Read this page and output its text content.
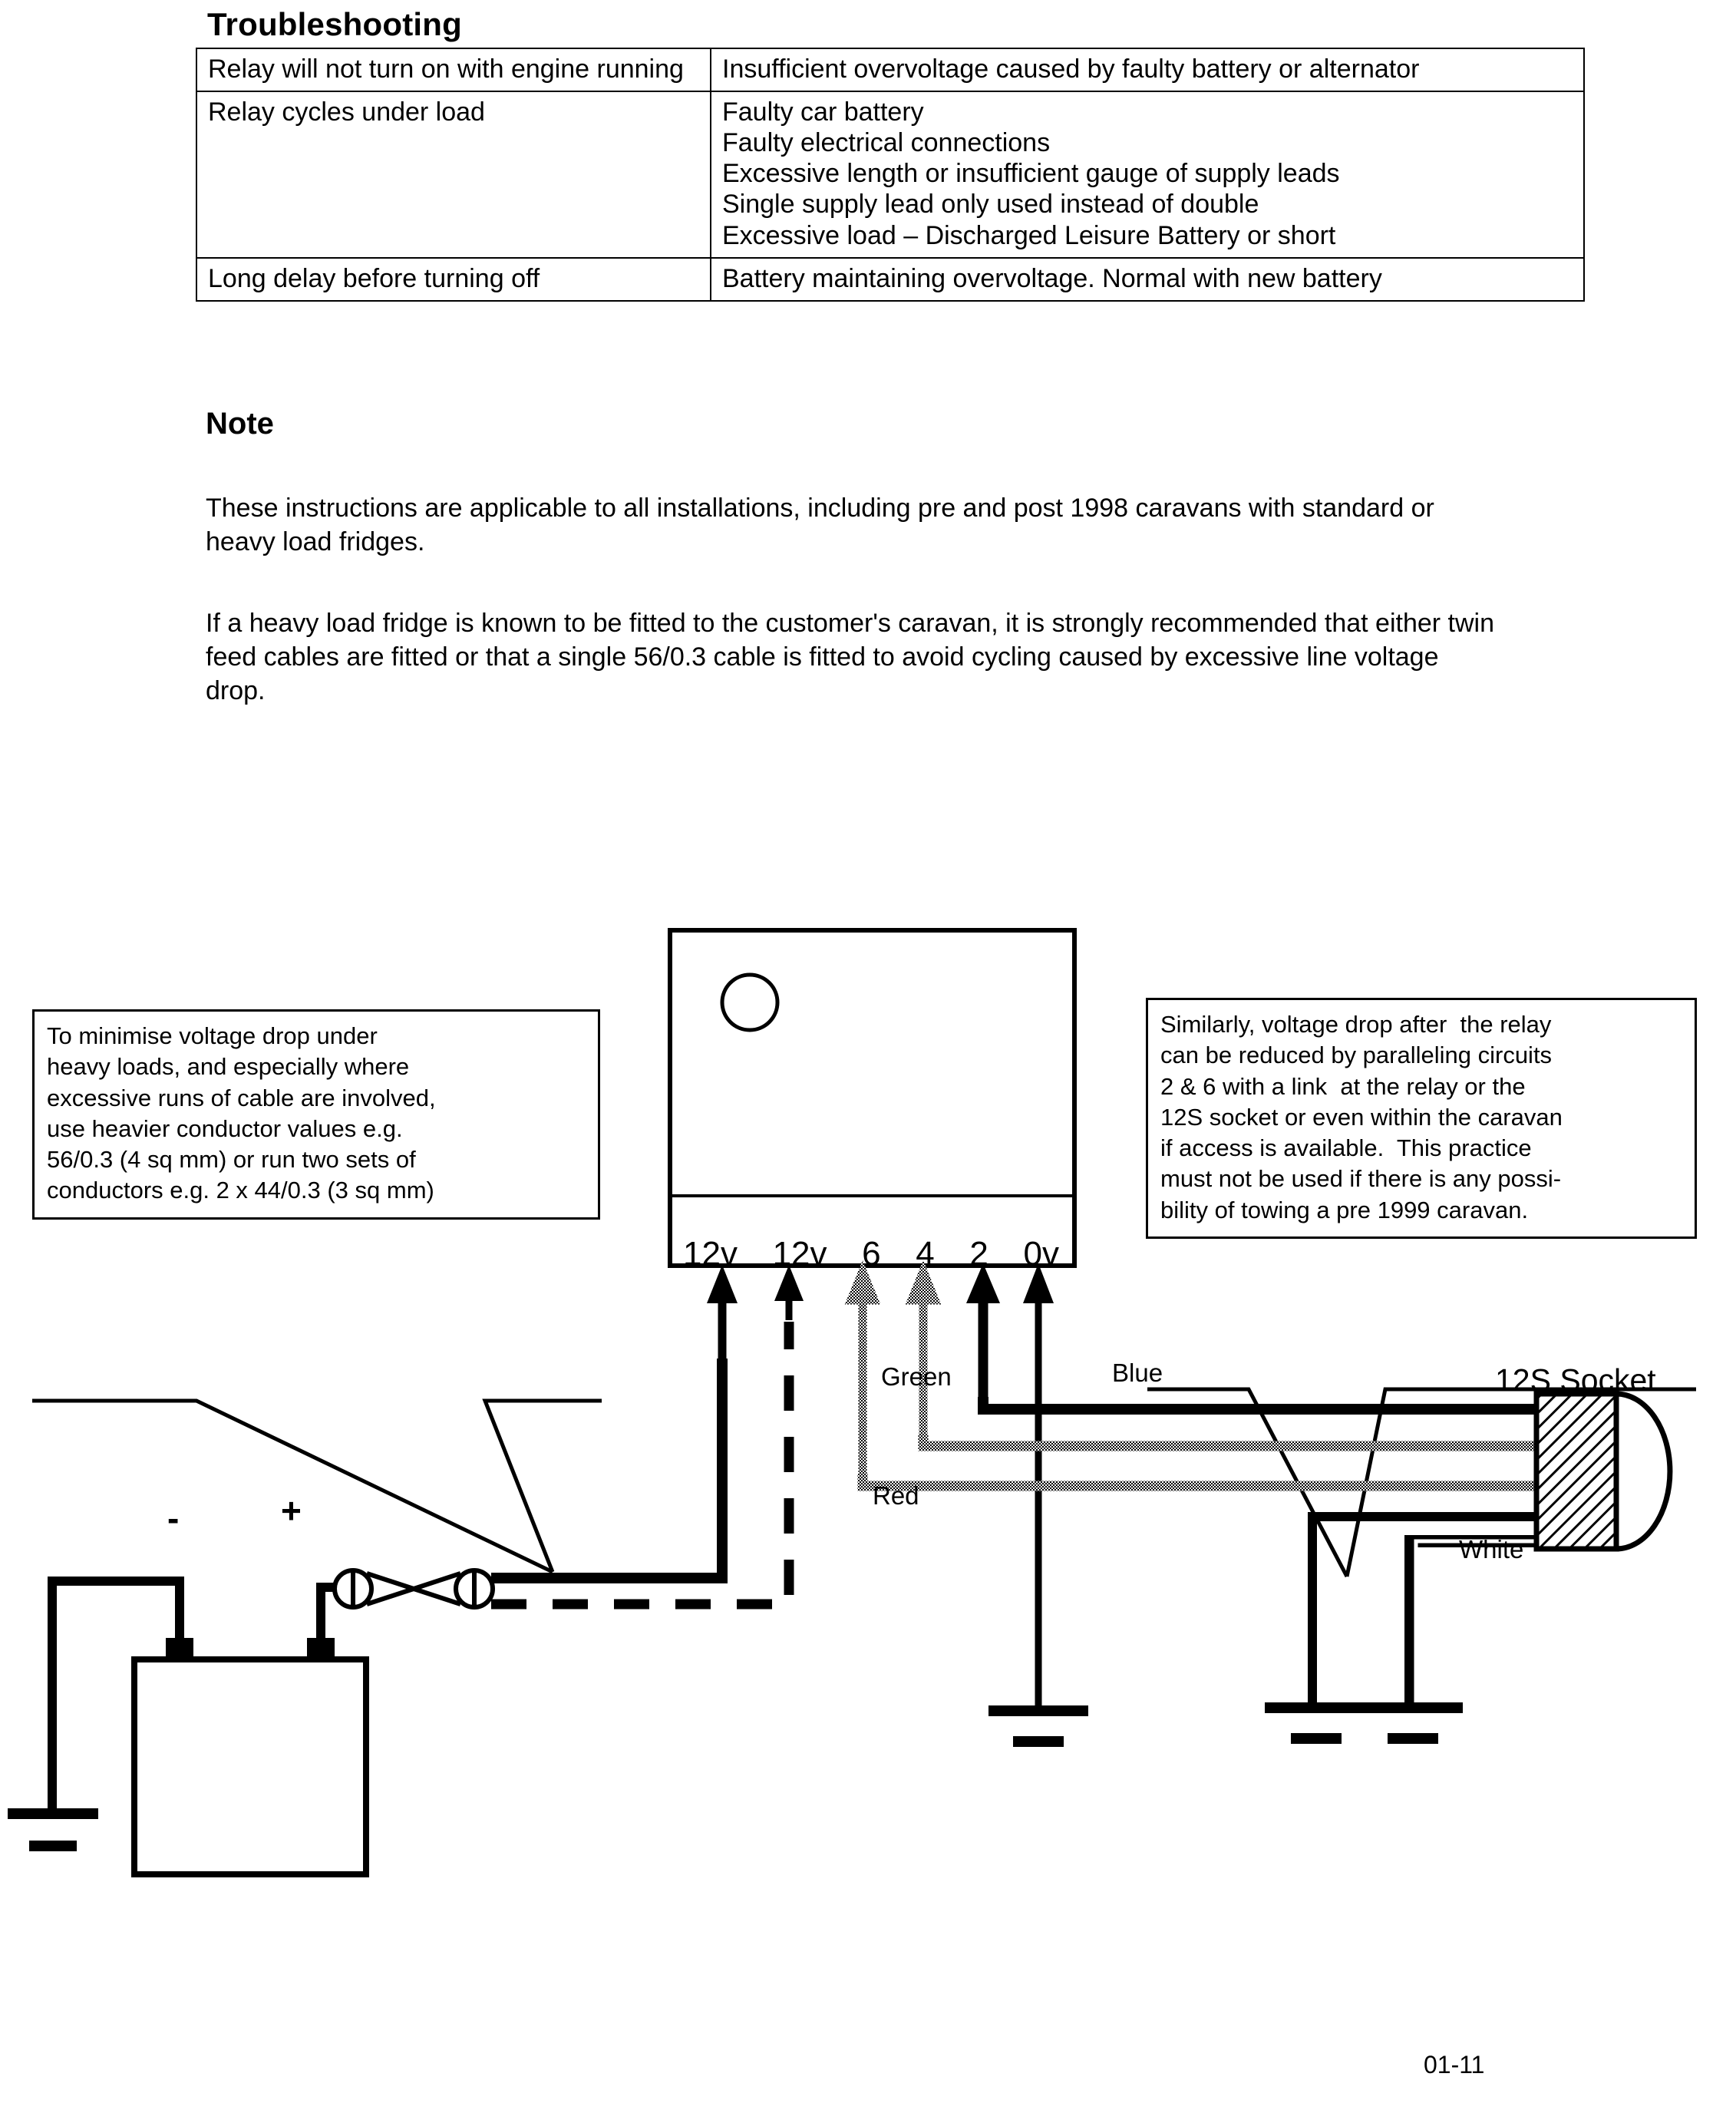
Troubleshooting
Relay will not turn on with engine running	Insufficient overvoltage caused by faulty battery or alternator

Relay cycles under load	Faulty car battery
Faulty electrical connections
Excessive length or insufficient gauge of supply leads
Single supply lead only used instead of double
Excessive load – Discharged Leisure Battery or short

Long delay before turning off	Battery maintaining overvoltage. Normal with new battery
Note
These instructions are applicable to all installations, including pre and post 1998 caravans with standard or heavy load fridges.
If a heavy load fridge is known to be fitted to the customer's caravan, it is strongly recommended that either twin feed cables are fitted or that a single 56/0.3 cable is fitted to avoid cycling caused by excessive line voltage drop.
To minimise voltage drop under
heavy loads, and especially where
excessive runs of cable are involved,
use heavier conductor values e.g.
56/0.3 (4 sq mm) or run two sets of
conductors e.g. 2 x 44/0.3 (3 sq mm)
Similarly, voltage drop after  the relay
can be reduced by paralleling circuits
2 & 6 with a link  at the relay or the
12S socket or even within the caravan
if access is available.  This practice
must not be used if there is any possi-
bility of towing a pre 1999 caravan.
12v 12v 6 4 2 0v
Green
Red
Blue
White
12S Socket
-	+
01-11
